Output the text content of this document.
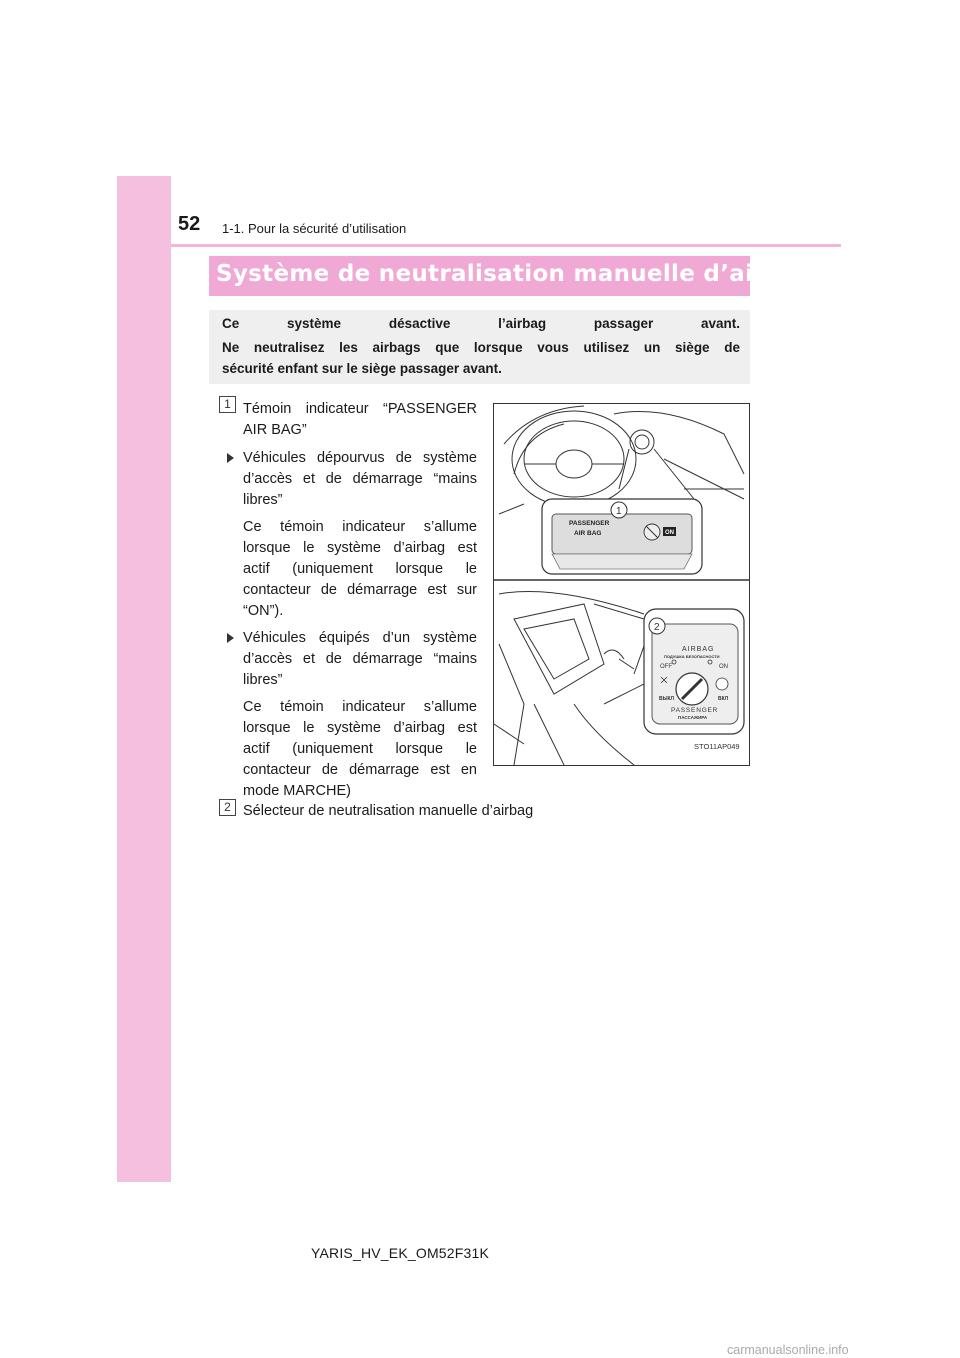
52 1-1. Pour la sécurité d’utilisation
Système de neutralisation manuelle d’airbag
Ce système désactive l’airbag passager avant.
Ne neutralisez les airbags que lorsque vous utilisez un siège de
sécurité enfant sur le siège passager avant.
1 Témoin indicateur “PASSENGER
AIR BAG”
Véhicules dépourvus de système
d’accès et de démarrage “mains
libres”
Ce témoin indicateur s’allume
lorsque le système d’airbag est
actif (uniquement lorsque le
contacteur de démarrage est sur
“ON”).
Véhicules équipés d’un système
d’accès et de démarrage “mains
libres”
Ce témoin indicateur s’allume
lorsque le système d’airbag est
actif (uniquement lorsque le
contacteur de démarrage est en
mode MARCHE)
2 Sélecteur de neutralisation manuelle d’airbag
PASSENGER
AIR BAG	ON
1
2
AIRBAG
ПОДУШКА БЕЗОПАСНОСТИ
OFF	ON
ВЫКЛ	ВКЛ
PASSENGER
ПАССАЖИРА
STO11AP049
YARIS_HV_EK_OM52F31K
carmanualsonline.info
